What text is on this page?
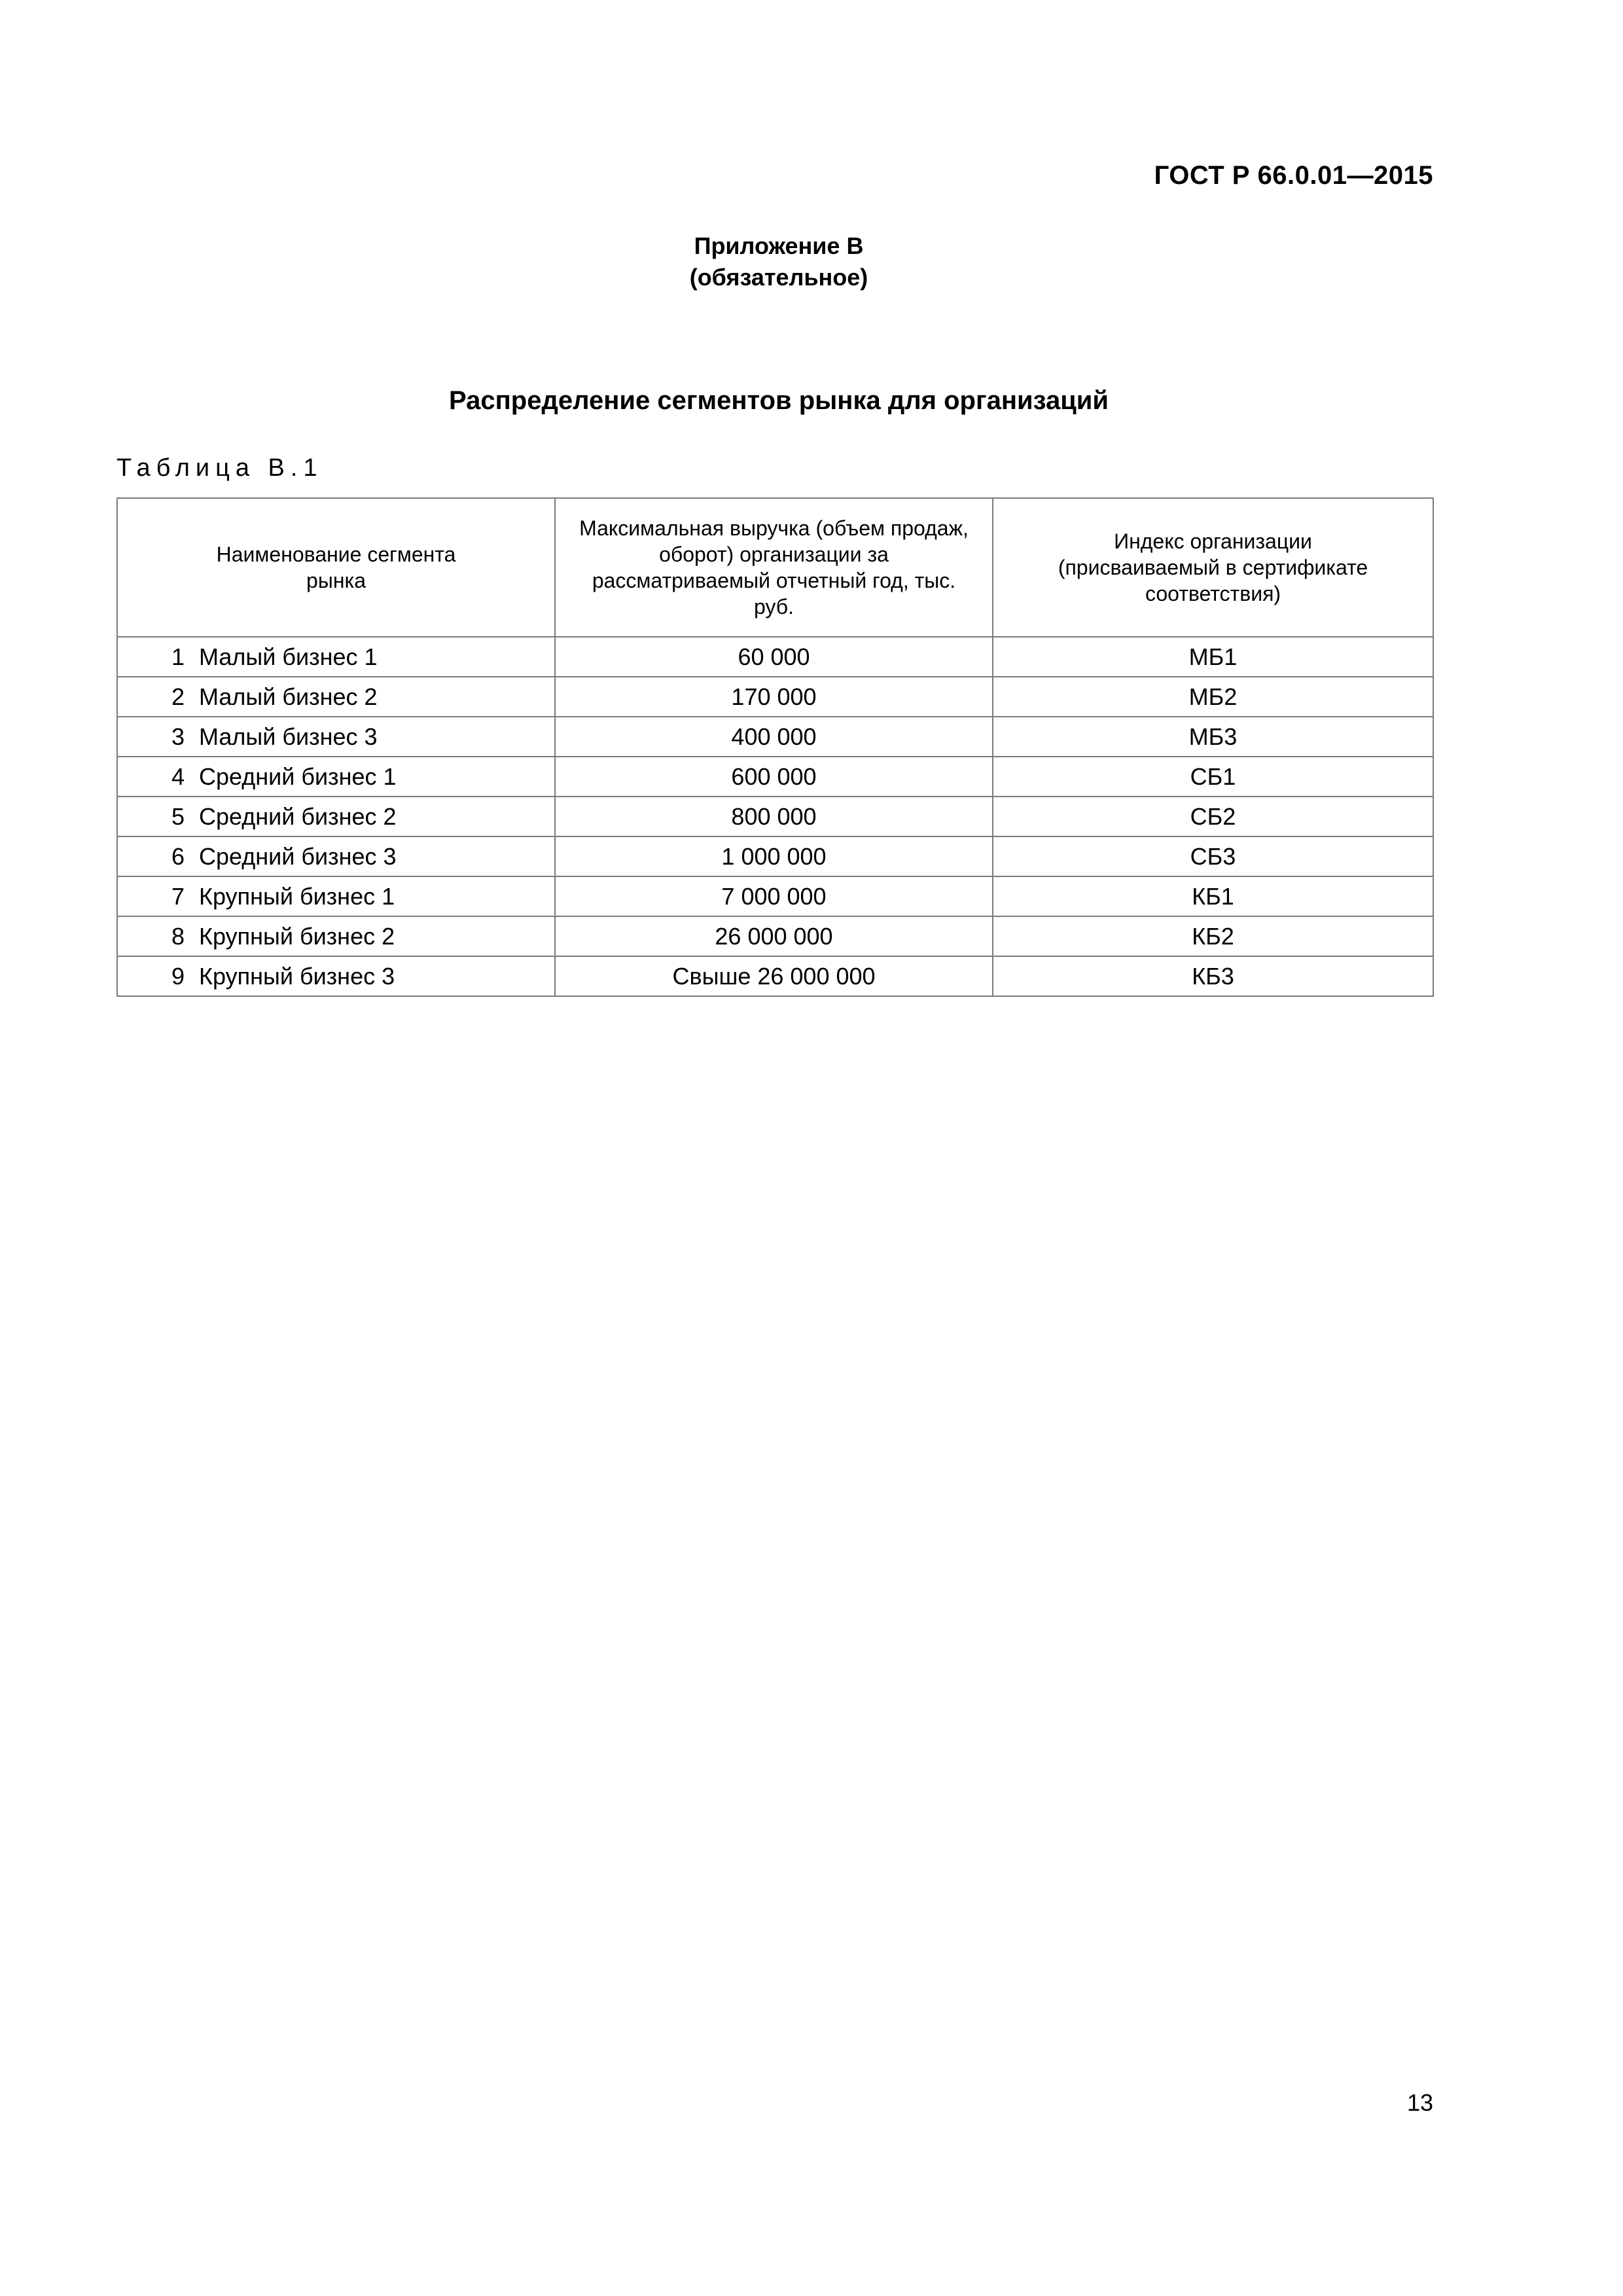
ГОСТ Р 66.0.01—2015
Приложение В
(обязательное)
Распределение сегментов рынка для организаций
Таблица В.1
Наименование сегмента рынка	Максимальная выручка (объем продаж, оборот) организации за рассматриваемый отчетный год, тыс. руб.	Индекс организации (присваиваемый в сертификате соответствия)

1 Малый бизнес 1	60 000	МБ1
2 Малый бизнес 2	170 000	МБ2
3 Малый бизнес 3	400 000	МБ3
4 Средний бизнес 1	600 000	СБ1
5 Средний бизнес 2	800 000	СБ2
6 Средний бизнес 3	1 000 000	СБ3
7 Крупный бизнес 1	7 000 000	КБ1
8 Крупный бизнес 2	26 000 000	КБ2
9 Крупный бизнес 3	Свыше 26 000 000	КБ3
13
